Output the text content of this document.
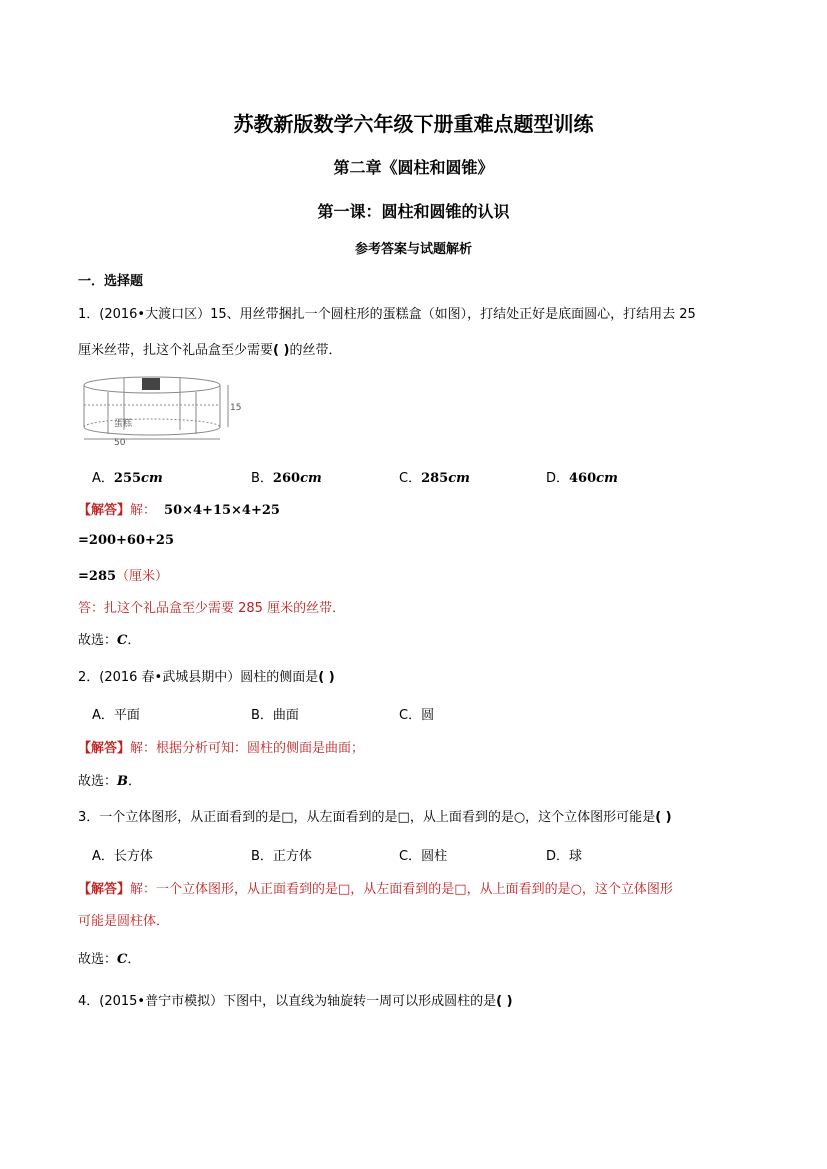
苏教新版数学六年级下册重难点题型训练
第二章《圆柱和圆锥》
第一课：圆柱和圆锥的认识
参考答案与试题解析
一．选择题
1．(2016•大渡口区）15、用丝带捆扎一个圆柱形的蛋糕盒（如图），打结处正好是底面圆心，打结用去 25
厘米丝带，扎这个礼品盒至少需要( )的丝带．
15
蛋糕
50
A．255cm	B．260cm	C．285cm	D．460cm
【解答】解： 50×4+15×4+25
=200+60+25
=285（厘米）
答：扎这个礼品盒至少需要 285 厘米的丝带．
故选：C．
2．(2016 春•武城县期中）圆柱的侧面是( )
A．平面	B．曲面	C．圆
【解答】解：根据分析可知：圆柱的侧面是曲面；
故选：B．
3．一个立体图形，从正面看到的是□，从左面看到的是□，从上面看到的是○，这个立体图形可能是( )
A．长方体	B．正方体	C．圆柱	D．球
【解答】解：一个立体图形，从正面看到的是□，从左面看到的是□，从上面看到的是○，这个立体图形
可能是圆柱体．
故选：C．
4．(2015•普宁市模拟）下图中，以直线为轴旋转一周可以形成圆柱的是( )
